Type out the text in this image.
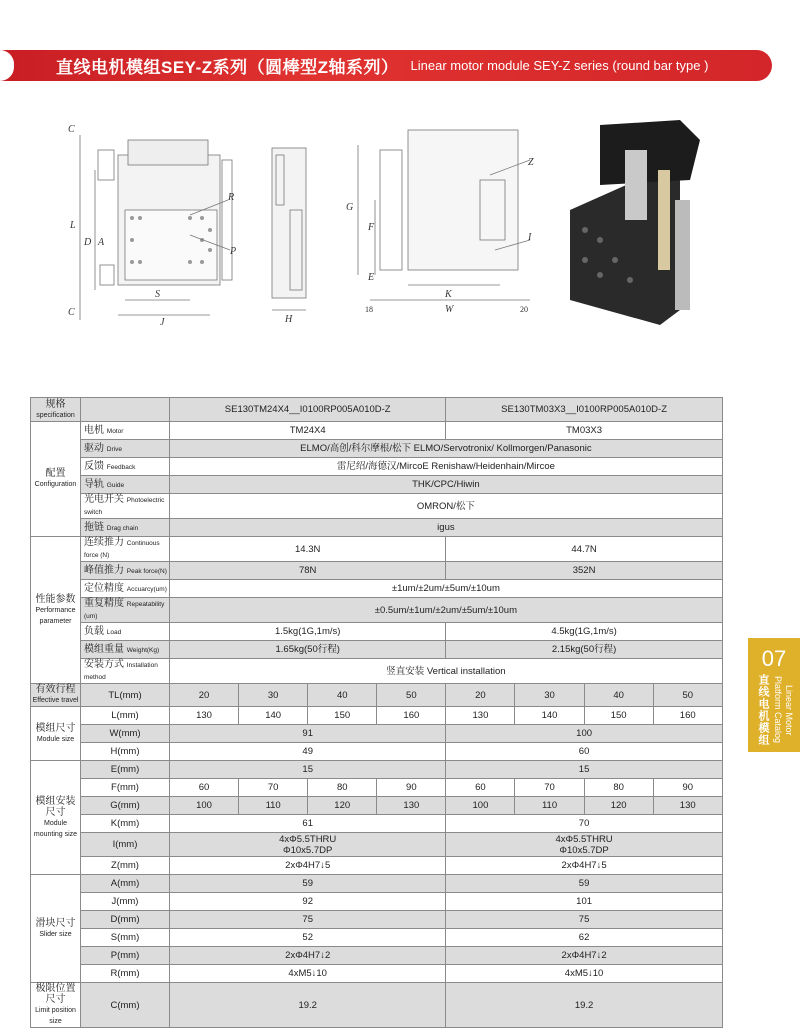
直线电机模组SEY-Z系列（圆棒型Z轴系列） Linear motor module SEY-Z series (round bar type )
C
L
D A
C
S
J
R
P
H
G
F
E
Z
K
W
I
18	20
规格
specification		SE130TM24X4__I0100RP005A010D-Z				SE130TM03X3__I0100RP005A010D-Z			
配置
Configuration	电机 Motor	TM24X4				TM03X3			
	驱动 Drive	ELMO/高创/科尔摩根/松下 ELMO/Servotronix/ Kollmorgen/Panasonic							
	反馈 Feedback	雷尼绍/海德汉/MircoE Renishaw/Heidenhain/Mircoe							
	导轨 Guide	THK/CPC/Hiwin							
	光电开关 Photoelectric switch	OMRON/松下							
	拖链 Drag chain	igus							
性能参数
Performance parameter	连续推力 Continuous force (N)	14.3N				44.7N			
	峰值推力 Peak force(N)	78N				352N			
	定位精度 Accuarcy(um)	±1um/±2um/±5um/±10um							
	重复精度 Repeatability (um)	±0.5um/±1um/±2um/±5um/±10um							
	负载 Load	1.5kg(1G,1m/s)				4.5kg(1G,1m/s)			
	模组重量 Weight(Kg)	1.65kg(50行程)				2.15kg(50行程)			
	安装方式 Installation method	竖直安装 Vertical installation							
有效行程
Effective travel	TL(mm)	20	30	40	50	20	30	40	50
模组尺寸
Module size	L(mm)	130	140	150	160	130	140	150	160
	W(mm)	91				100			
	H(mm)	49				60			
模组安装尺寸
Module mounting size	E(mm)	15				15			
	F(mm)	60	70	80	90	60	70	80	90
	G(mm)	100	110	120	130	100	110	120	130
	K(mm)	61				70			
	I(mm)	4xΦ5.5THRU
Φ10x5.7DP				4xΦ5.5THRU
Φ10x5.7DP			
	Z(mm)	2xΦ4H7↓5				2xΦ4H7↓5			
滑块尺寸
Slider size	A(mm)	59				59			
	J(mm)	92				101			
	D(mm)	75				75			
	S(mm)	52				62			
	P(mm)	2xΦ4H7↓2				2xΦ4H7↓2			
	R(mm)	4xM5↓10				4xM5↓10			
极限位置尺寸
Limit position size	C(mm)	19.2				19.2			
07
直线电机模组 Platform Catalog Linear Motor
